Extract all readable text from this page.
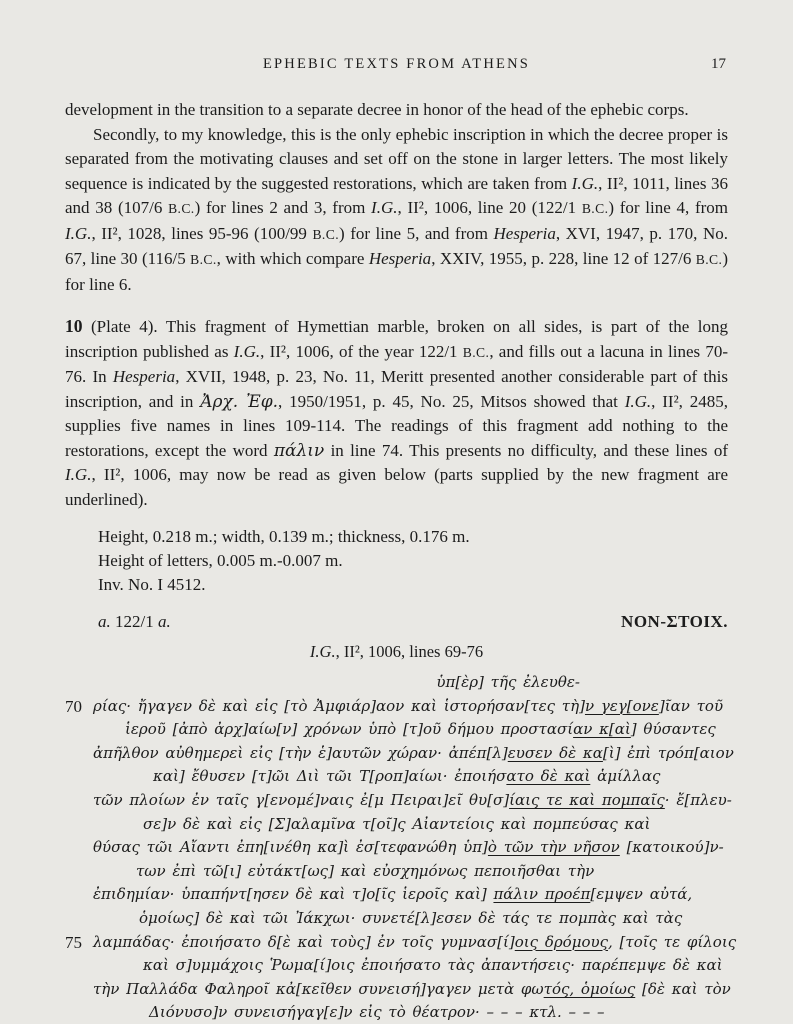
EPHEBIC TEXTS FROM ATHENS	17

development in the transition to a separate decree in honor of the head of the ephebic corps.

Secondly, to my knowledge, this is the only ephebic inscription in which the decree proper is separated from the motivating clauses and set off on the stone in larger letters. The most likely sequence is indicated by the suggested restorations, which are taken from I.G., II², 1011, lines 36 and 38 (107/6 B.C.) for lines 2 and 3, from I.G., II², 1006, line 20 (122/1 B.C.) for line 4, from I.G., II², 1028, lines 95-96 (100/99 B.C.) for line 5, and from Hesperia, XVI, 1947, p. 170, No. 67, line 30 (116/5 B.C., with which compare Hesperia, XXIV, 1955, p. 228, line 12 of 127/6 B.C.) for line 6.

10 (Plate 4). This fragment of Hymettian marble, broken on all sides, is part of the long inscription published as I.G., II², 1006, of the year 122/1 B.C., and fills out a lacuna in lines 70-76. In Hesperia, XVII, 1948, p. 23, No. 11, Meritt presented another considerable part of this inscription, and in Ἀρχ. Ἐφ., 1950/1951, p. 45, No. 25, Mitsos showed that I.G., II², 2485, supplies five names in lines 109-114. The readings of this fragment add nothing to the restorations, except the word πάλιν in line 74. This presents no difficulty, and these lines of I.G., II², 1006, may now be read as given below (parts supplied by the new fragment are underlined).

Height, 0.218 m.; width, 0.139 m.; thickness, 0.176 m.
Height of letters, 0.005 m.-0.007 m.
Inv. No. I 4512.
a. 122/1 a.	NON-ΣΤΟΙΧ.
I.G., II², 1006, lines 69-76
ὑπ[ὲρ] τῆς ἐλευθε-
70 ρίας· ἤγαγεν δὲ καὶ εἰς [τὸ Ἀμφιάρ]αον καὶ ἱστορήσαν[τες τὴ]ν γεγ[ονε]ῖαν τοῦ
ἱεροῦ [ἀπὸ ἀρχ]αίω[ν] χρόνων ὑπὸ [τ]οῦ δήμου προστασίαν κ[αὶ] θύσαντες
ἀπῆλθον αὐθημερεὶ εἰς [τὴν ἑ]αυτῶν χώραν· ἀπέπ[λ]ευσεν δὲ κα[ὶ] ἐπὶ τρόπ[αιον
καὶ] ἔθυσεν [τ]ῶι Διὶ τῶι Τ[ροπ]αίωι· ἐποιήσατο δὲ καὶ ἁμίλλας
τῶν πλοίων ἐν ταῖς γ[ενομέ]ναις ἐ[μ Πειραι]εῖ θυ[σ]ίαις τε καὶ πομπαῖς· ἔ[πλευ-
σε]ν δὲ καὶ εἰς [Σ]αλαμῖνα τ[οῖ]ς Αἰαντείοις καὶ πομπεύσας καὶ
θύσας τῶι Αἴαντι ἐπη[ινέθη κα]ὶ ἐσ[τεφανώθη ὑπ]ὸ τῶν τὴν νῆσον [κατοικού]ν-
των ἐπὶ τῶ[ι] εὐτάκτ[ως] καὶ εὐσχημόνως πεποιῆσθαι τὴν
ἐπιδημίαν· ὑπαπήντ[ησεν δὲ καὶ τ]ο[ῖς ἱεροῖς καὶ] πάλιν προέπ[εμψεν αὐτά,
ὁμοίως] δὲ καὶ τῶι Ἰάκχωι· συνετέ[λ]εσεν δὲ τάς τε πομπὰς καὶ τὰς
75 λαμπάδας· ἐποιήσατο δ[ὲ καὶ τοὺς] ἐν τοῖς γυμνασ[ί]οις δρόμους, [τοῖς τε φίλοις
καὶ σ]υμμάχοις Ῥωμα[ί]οις ἐποιήσατο τὰς ἀπαντήσεις· παρέπεμψε δὲ καὶ
τὴν Παλλάδα Φαληροῖ κἀ[κεῖθεν συνεισή]γαγεν μετὰ φωτός, ὁμοίως [δὲ καὶ τὸν
Διόνυσο]ν συνεισήγαγ[ε]ν εἰς τὸ θέατρον· – – – κτλ. – – –
